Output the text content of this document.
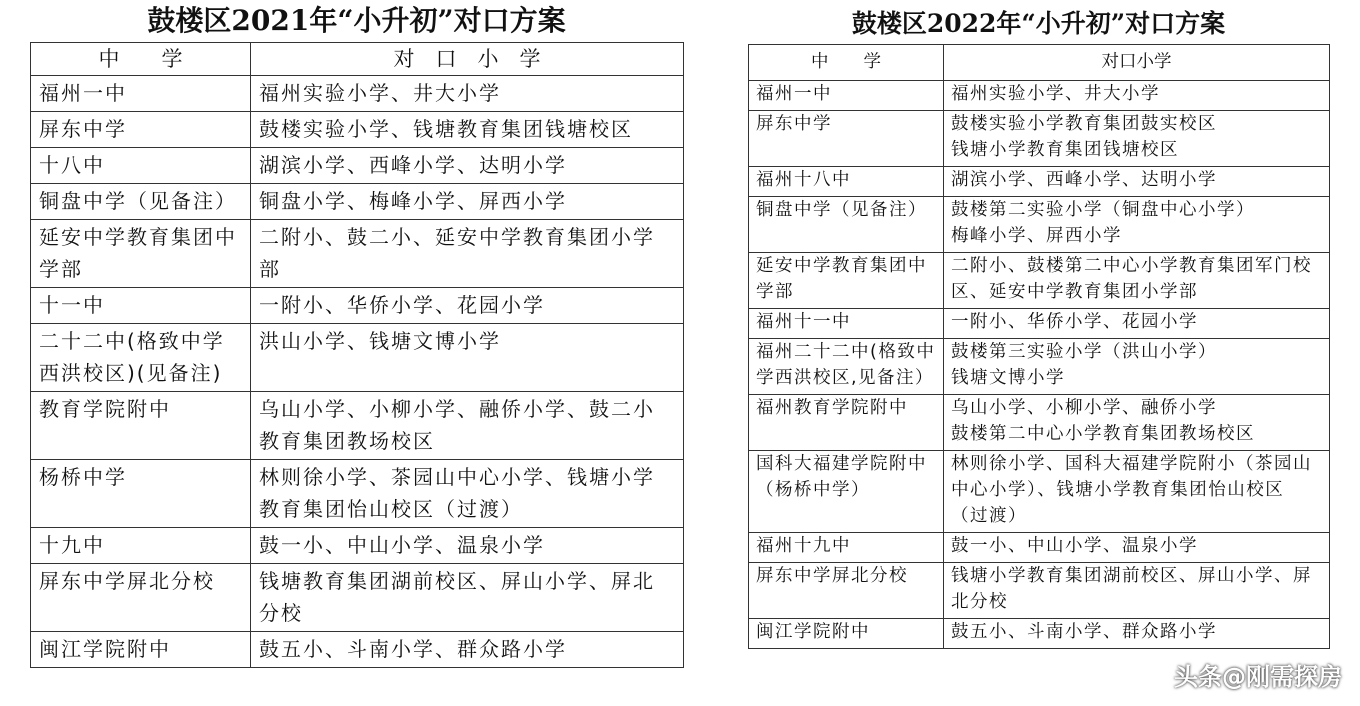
鼓楼区2021年“小升初”对口方案
中　　学	对　口　小　学
福州一中	福州实验小学、井大小学
屏东中学	鼓楼实验小学、钱塘教育集团钱塘校区
十八中	湖滨小学、西峰小学、达明小学
铜盘中学（见备注）	铜盘小学、梅峰小学、屏西小学
延安中学教育集团中学部	二附小、鼓二小、延安中学教育集团小学部
十一中	一附小、华侨小学、花园小学
二十二中(格致中学西洪校区)(见备注)	洪山小学、钱塘文博小学
教育学院附中	乌山小学、小柳小学、融侨小学、鼓二小教育集团教场校区
杨桥中学	林则徐小学、茶园山中心小学、钱塘小学教育集团怡山校区（过渡）
十九中	鼓一小、中山小学、温泉小学
屏东中学屏北分校	钱塘教育集团湖前校区、屏山小学、屏北分校
闽江学院附中	鼓五小、斗南小学、群众路小学
鼓楼区2022年“小升初”对口方案
中　　学	对口小学
福州一中	福州实验小学、井大小学
屏东中学	鼓楼实验小学教育集团鼓实校区
钱塘小学教育集团钱塘校区
福州十八中	湖滨小学、西峰小学、达明小学
铜盘中学（见备注）	鼓楼第二实验小学（铜盘中心小学）
梅峰小学、屏西小学
延安中学教育集团中学部	二附小、鼓楼第二中心小学教育集团军门校区、延安中学教育集团小学部
福州十一中	一附小、华侨小学、花园小学
福州二十二中(格致中学西洪校区,见备注）	鼓楼第三实验小学（洪山小学）
钱塘文博小学
福州教育学院附中	乌山小学、小柳小学、融侨小学
鼓楼第二中心小学教育集团教场校区
国科大福建学院附中（杨桥中学）	林则徐小学、国科大福建学院附小（茶园山中心小学）、钱塘小学教育集团怡山校区（过渡）
福州十九中	鼓一小、中山小学、温泉小学
屏东中学屏北分校	钱塘小学教育集团湖前校区、屏山小学、屏北分校
闽江学院附中	鼓五小、斗南小学、群众路小学
头条@刚需探房
